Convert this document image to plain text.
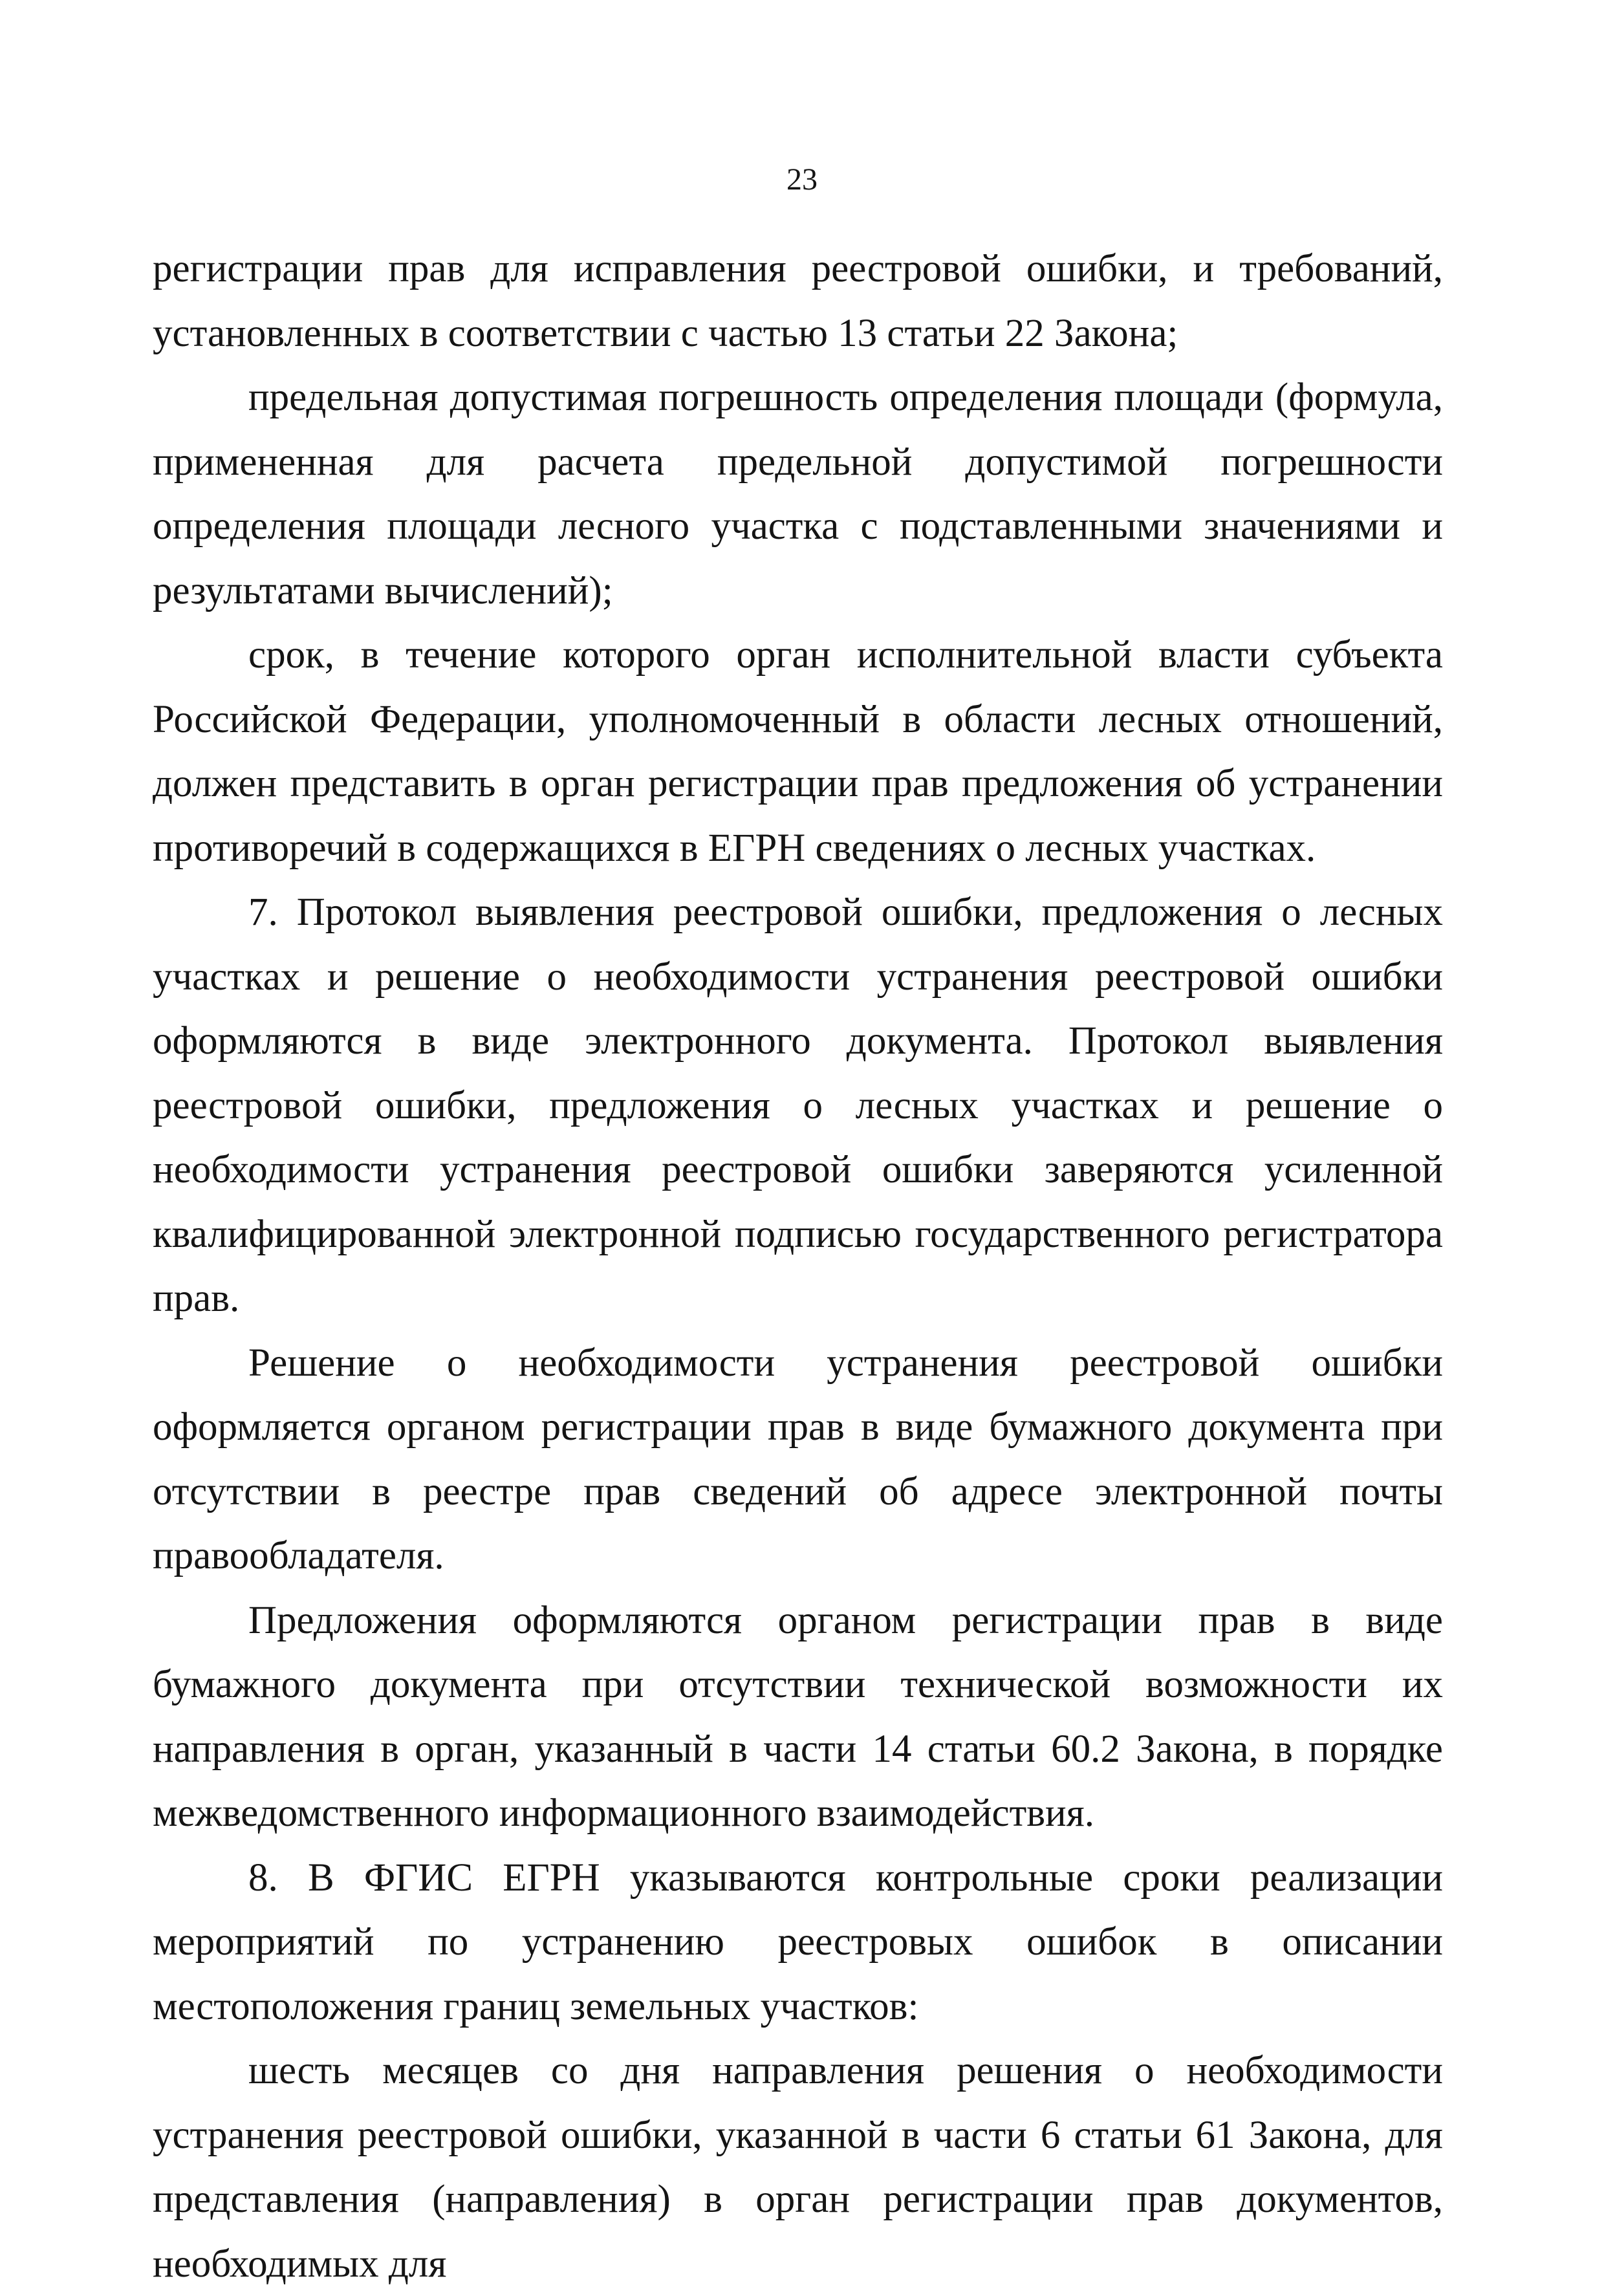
23

регистрации прав для исправления реестровой ошибки, и требований, установленных в соответствии с частью 13 статьи 22 Закона;

предельная допустимая погрешность определения площади (формула, примененная для расчета предельной допустимой погрешности определения площади лесного участка с подставленными значениями и результатами вычислений);

срок, в течение которого орган исполнительной власти субъекта Российской Федерации, уполномоченный в области лесных отношений, должен представить в орган регистрации прав предложения об устранении противоречий в содержащихся в ЕГРН сведениях о лесных участках.

7. Протокол выявления реестровой ошибки, предложения о лесных участках и решение о необходимости устранения реестровой ошибки оформляются в виде электронного документа. Протокол выявления реестровой ошибки, предложения о лесных участках и решение о необходимости устранения реестровой ошибки заверяются усиленной квалифицированной электронной подписью государственного регистратора прав.

Решение о необходимости устранения реестровой ошибки оформляется органом регистрации прав в виде бумажного документа при отсутствии в реестре прав сведений об адресе электронной почты правообладателя.

Предложения оформляются органом регистрации прав в виде бумажного документа при отсутствии технической возможности их направления в орган, указанный в части 14 статьи 60.2 Закона, в порядке межведомственного информационного взаимодействия.

8. В ФГИС ЕГРН указываются контрольные сроки реализации мероприятий по устранению реестровых ошибок в описании местоположения границ земельных участков:

шесть месяцев со дня направления решения о необходимости устранения реестровой ошибки, указанной в части 6 статьи 61 Закона, для представления (направления) в орган регистрации прав документов, необходимых для
